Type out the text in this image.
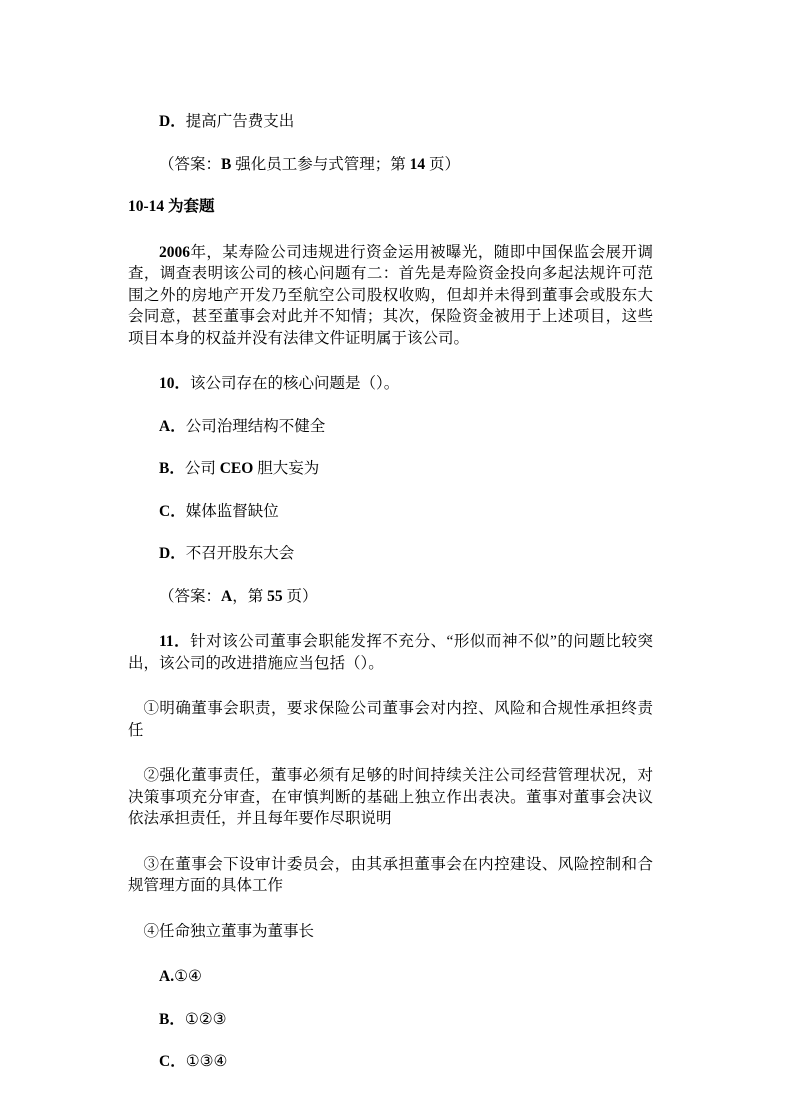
D．提高广告费支出

（答案：B 强化员工参与式管理；第 14 页）

10-14 为套题

2006年，某寿险公司违规进行资金运用被曝光，随即中国保监会展开调查，调查表明该公司的核心问题有二：首先是寿险资金投向多起法规许可范围之外的房地产开发乃至航空公司股权收购，但却并未得到董事会或股东大会同意，甚至董事会对此并不知情；其次，保险资金被用于上述项目，这些项目本身的权益并没有法律文件证明属于该公司。

10．该公司存在的核心问题是（）。

A．公司治理结构不健全

B．公司 CEO 胆大妄为

C．媒体监督缺位

D．不召开股东大会

（答案：A，第 55 页）

11．针对该公司董事会职能发挥不充分、“形似而神不似”的问题比较突出，该公司的改进措施应当包括（）。

①明确董事会职责，要求保险公司董事会对内控、风险和合规性承担终责任

②强化董事责任，董事必须有足够的时间持续关注公司经营管理状况，对决策事项充分审查，在审慎判断的基础上独立作出表决。董事对董事会决议依法承担责任，并且每年要作尽职说明

③在董事会下设审计委员会，由其承担董事会在内控建设、风险控制和合规管理方面的具体工作

④任命独立董事为董事长

A.①④

B．①②③

C．①③④
